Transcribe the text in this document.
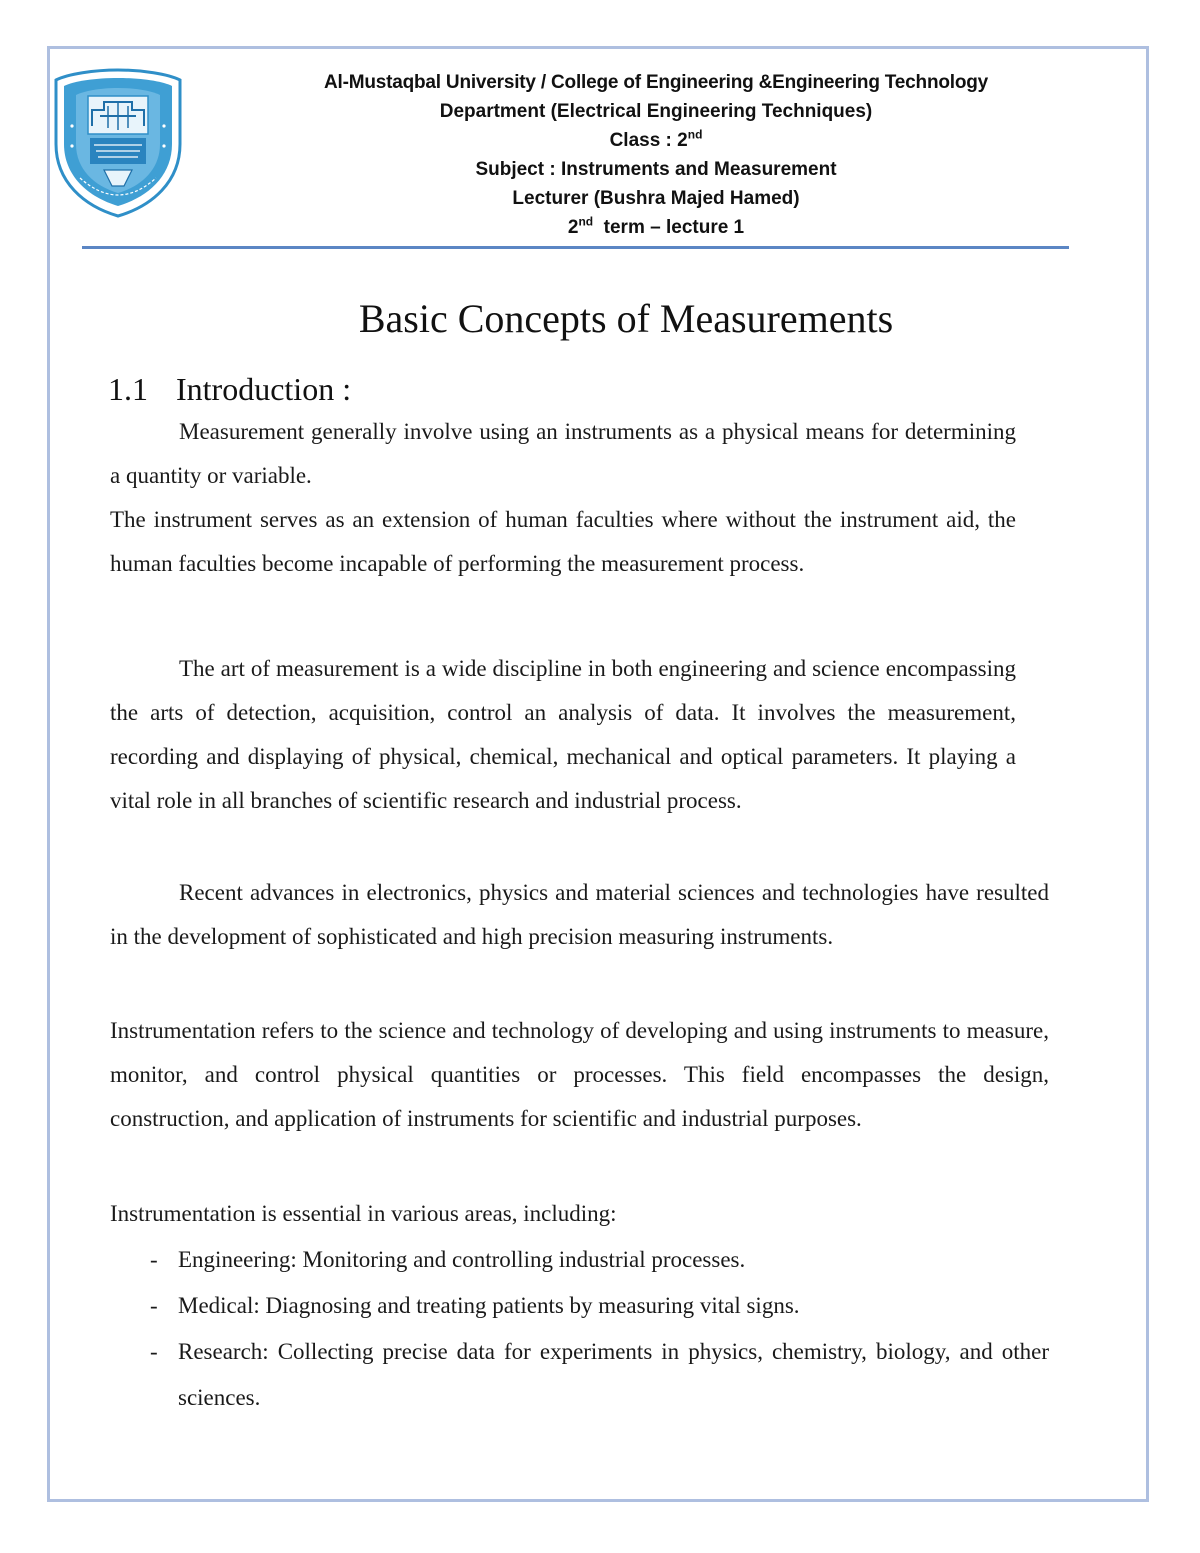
Al-Mustaqbal University / College of Engineering &Engineering Technology
Department (Electrical Engineering Techniques)
Class : 2nd
Subject : Instruments and Measurement
Lecturer (Bushra Majed Hamed)
2nd  term – lecture 1
Basic Concepts of Measurements
1.1 Introduction :
Measurement generally involve using an instruments as a physical means for determining a quantity or variable.
The instrument serves as an extension of human faculties where without the instrument aid, the human faculties become incapable of performing the measurement process.
The art of measurement is a wide discipline in both engineering and science encompassing the arts of detection, acquisition, control an analysis of data. It involves the measurement, recording and displaying of physical, chemical, mechanical and optical parameters. It playing a vital role in all branches of scientific research and industrial process.
Recent advances in electronics, physics and material sciences and technologies have resulted in the development of sophisticated and high precision measuring instruments.
Instrumentation refers to the science and technology of developing and using instruments to measure, monitor, and control physical quantities or processes. This field encompasses the design, construction, and application of instruments for scientific and industrial purposes.
Instrumentation is essential in various areas, including:
- Engineering: Monitoring and controlling industrial processes.
- Medical: Diagnosing and treating patients by measuring vital signs.
- Research: Collecting precise data for experiments in physics, chemistry, biology, and other sciences.
